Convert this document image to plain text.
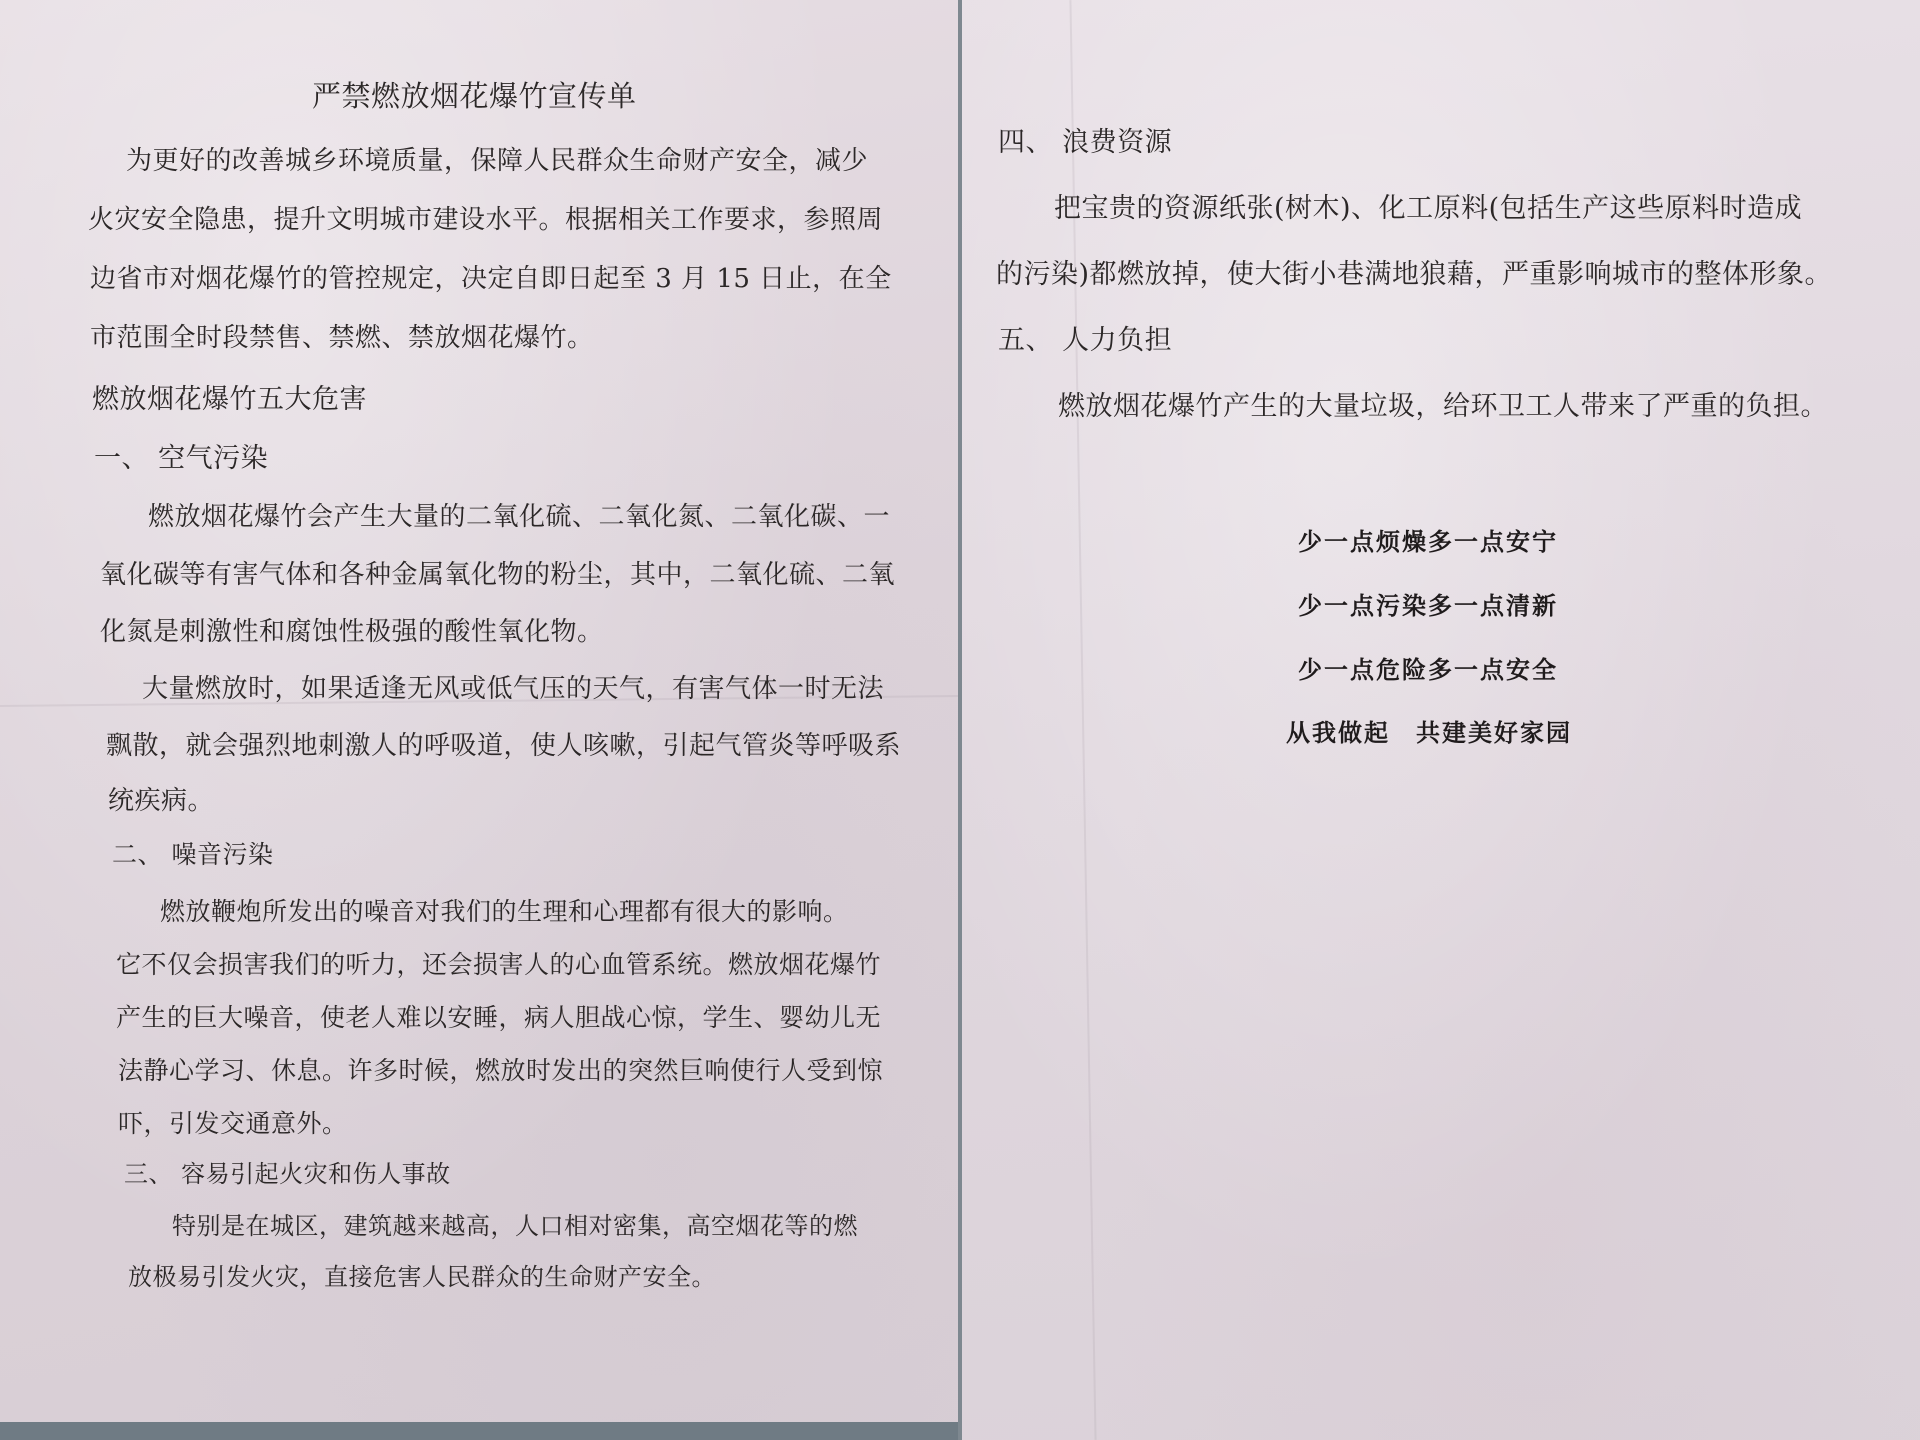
严禁燃放烟花爆竹宣传单

为更好的改善城乡环境质量，保障人民群众生命财产安全，减少

火灾安全隐患，提升文明城市建设水平。根据相关工作要求，参照周

边省市对烟花爆竹的管控规定，决定自即日起至 3 月 15 日止，在全

市范围全时段禁售、禁燃、禁放烟花爆竹。

燃放烟花爆竹五大危害

一、 空气污染

燃放烟花爆竹会产生大量的二氧化硫、二氧化氮、二氧化碳、一

氧化碳等有害气体和各种金属氧化物的粉尘，其中，二氧化硫、二氧

化氮是刺激性和腐蚀性极强的酸性氧化物。

大量燃放时，如果适逢无风或低气压的天气，有害气体一时无法

飘散，就会强烈地刺激人的呼吸道，使人咳嗽，引起气管炎等呼吸系

统疾病。

二、 噪音污染

燃放鞭炮所发出的噪音对我们的生理和心理都有很大的影响。

它不仅会损害我们的听力，还会损害人的心血管系统。燃放烟花爆竹

产生的巨大噪音，使老人难以安睡，病人胆战心惊，学生、婴幼儿无

法静心学习、休息。许多时候，燃放时发出的突然巨响使行人受到惊

吓，引发交通意外。

三、 容易引起火灾和伤人事故

特别是在城区，建筑越来越高，人口相对密集，高空烟花等的燃

放极易引发火灾，直接危害人民群众的生命财产安全。

四、 浪费资源

把宝贵的资源纸张(树木)、化工原料(包括生产这些原料时造成

的污染)都燃放掉，使大街小巷满地狼藉，严重影响城市的整体形象。

五、 人力负担

燃放烟花爆竹产生的大量垃圾，给环卫工人带来了严重的负担。

少一点烦燥多一点安宁

少一点污染多一点清新

少一点危险多一点安全

从我做起　共建美好家园
